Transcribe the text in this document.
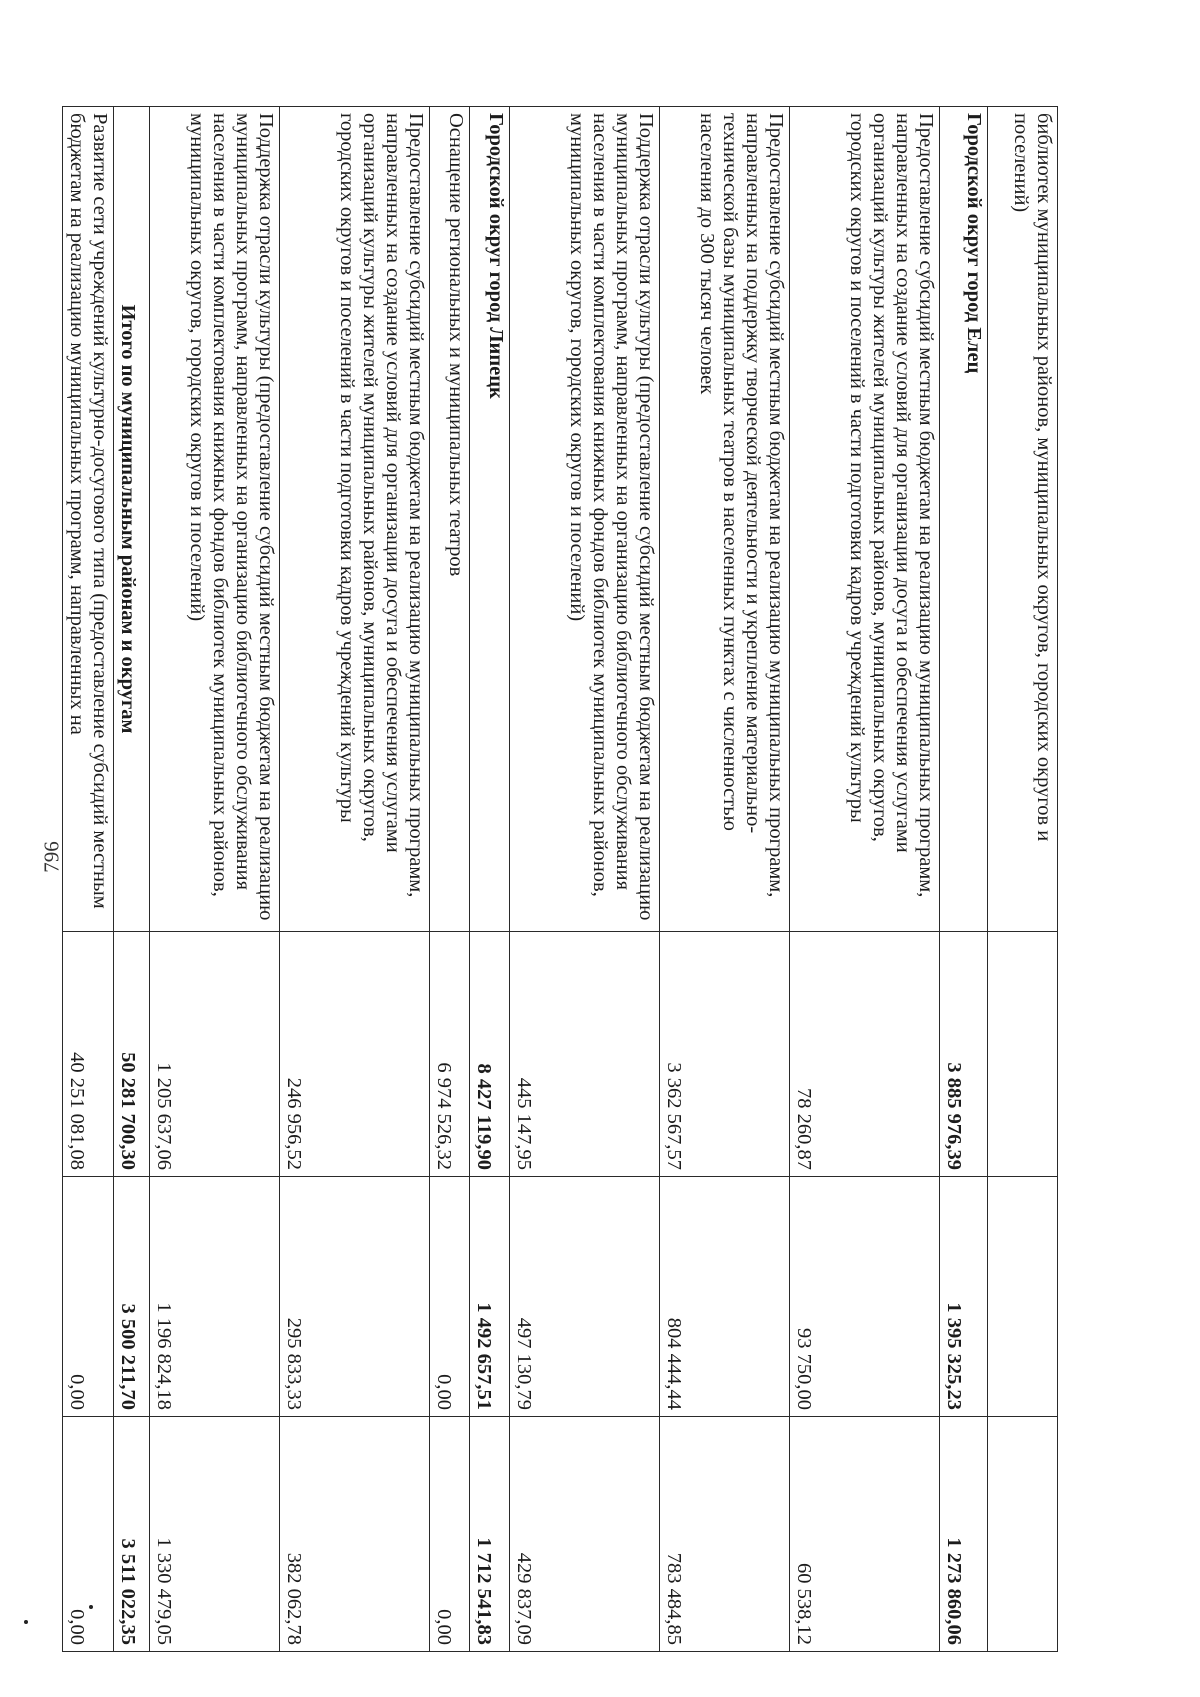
796
библиотек муниципальных районов, муниципальных округов, городских округов и поселений)			
Городской округ город Елец	3 885 976,39	1 395 325,23	1 273 860,06
Предоставление субсидий местным бюджетам на реализацию муниципальных программ, направленных на создание условий для организации досуга и обеспечения услугами организаций культуры жителей муниципальных районов, муниципальных округов, городских округов и поселений в части подготовки кадров учреждений культуры	78 260,87	93 750,00	60 538,12
Предоставление субсидий местным бюджетам на реализацию муниципальных программ, направленных на поддержку творческой деятельности и укрепление материально-технической базы муниципальных театров в населенных пунктах с численностью населения до 300 тысяч человек	3 362 567,57	804 444,44	783 484,85
Поддержка отрасли культуры (предоставление субсидий местным бюджетам на реализацию муниципальных программ, направленных на организацию библиотечного обслуживания населения в части комплектования книжных фондов библиотек муниципальных районов, муниципальных округов, городских округов и поселений)	445 147,95	497 130,79	429 837,09
Городской округ город Липецк	8 427 119,90	1 492 657,51	1 712 541,83
Оснащение региональных и муниципальных театров	6 974 526,32	0,00	0,00
Предоставление субсидий местным бюджетам на реализацию муниципальных программ, направленных на создание условий для организации досуга и обеспечения услугами организаций культуры жителей муниципальных районов, муниципальных округов, городских округов и поселений в части подготовки кадров учреждений культуры	246 956,52	295 833,33	382 062,78
Поддержка отрасли культуры (предоставление субсидий местным бюджетам на реализацию муниципальных программ, направленных на организацию библиотечного обслуживания населения в части комплектования книжных фондов библиотек муниципальных районов, муниципальных округов, городских округов и поселений)	1 205 637,06	1 196 824,18	1 330 479,05
Итого по муниципальным районам и округам	50 281 700,30	3 500 211,70	3 511 022,35
Развитие сети учреждений культурно-досугового типа (предоставление субсидий местным бюджетам на реализацию муниципальных программ, направленных на	40 251 081,08	0,00	0,00
